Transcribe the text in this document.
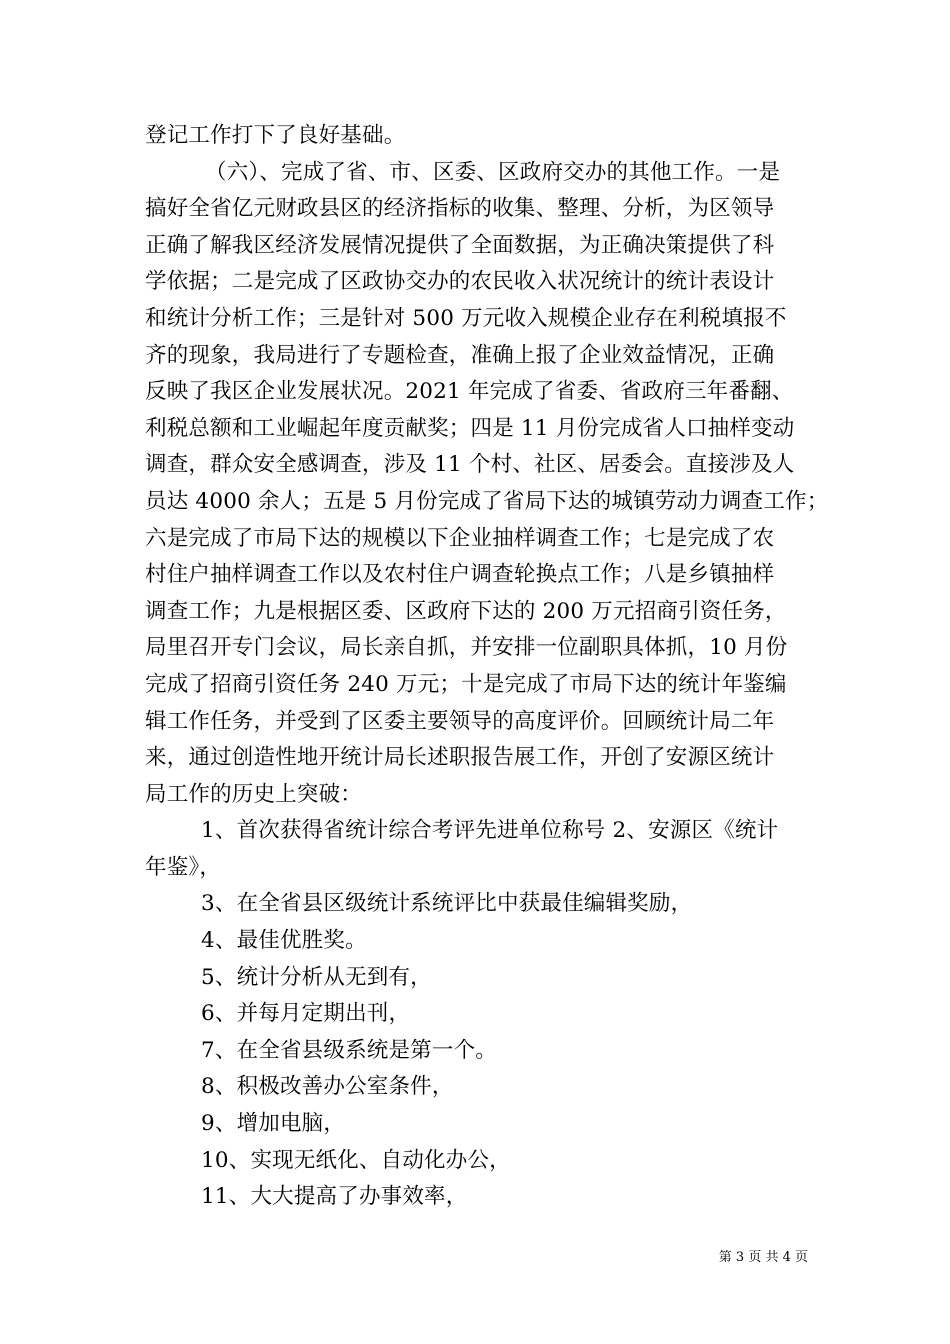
登记工作打下了良好基础。
（六）、完成了省、市、区委、区政府交办的其他工作。一是
搞好全省亿元财政县区的经济指标的收集、整理、分析，为区领导
正确了解我区经济发展情况提供了全面数据，为正确决策提供了科
学依据；二是完成了区政协交办的农民收入状况统计的统计表设计
和统计分析工作；三是针对 500 万元收入规模企业存在利税填报不
齐的现象，我局进行了专题检查，准确上报了企业效益情况，正确
反映了我区企业发展状况。2021 年完成了省委、省政府三年番翻、
利税总额和工业崛起年度贡献奖；四是 11 月份完成省人口抽样变动
调查，群众安全感调查，涉及 11 个村、社区、居委会。直接涉及人
员达 4000 余人；五是 5 月份完成了省局下达的城镇劳动力调查工作；
六是完成了市局下达的规模以下企业抽样调查工作；七是完成了农
村住户抽样调查工作以及农村住户调查轮换点工作；八是乡镇抽样
调查工作；九是根据区委、区政府下达的 200 万元招商引资任务，
局里召开专门会议，局长亲自抓，并安排一位副职具体抓，10 月份
完成了招商引资任务 240 万元；十是完成了市局下达的统计年鉴编
辑工作任务，并受到了区委主要领导的高度评价。回顾统计局二年
来，通过创造性地开统计局长述职报告展工作，开创了安源区统计
局工作的历史上突破：
1、首次获得省统计综合考评先进单位称号 2、安源区《统计
年鉴》，
3、在全省县区级统计系统评比中获最佳编辑奖励，
4、最佳优胜奖。
5、统计分析从无到有，
6、并每月定期出刊，
7、在全省县级系统是第一个。
8、积极改善办公室条件，
9、增加电脑，
10、实现无纸化、自动化办公，
11、大大提高了办事效率，
第 3 页 共 4 页
